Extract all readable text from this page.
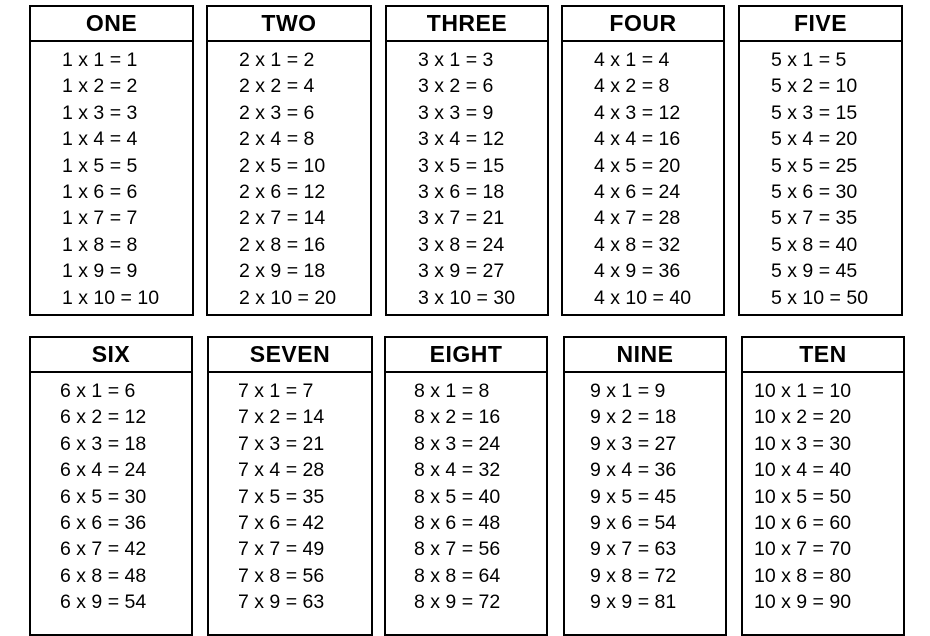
ONE
1 x 1 = 1
1 x 2 = 2
1 x 3 = 3
1 x 4 = 4
1 x 5 = 5
1 x 6 = 6
1 x 7 = 7
1 x 8 = 8
1 x 9 = 9
1 x 10 = 10
TWO
2 x 1 = 2
2 x 2 = 4
2 x 3 = 6
2 x 4 = 8
2 x 5 = 10
2 x 6 = 12
2 x 7 = 14
2 x 8 = 16
2 x 9 = 18
2 x 10 = 20
THREE
3 x 1 = 3
3 x 2 = 6
3 x 3 = 9
3 x 4 = 12
3 x 5 = 15
3 x 6 = 18
3 x 7 = 21
3 x 8 = 24
3 x 9 = 27
3 x 10 = 30
FOUR
4 x 1 = 4
4 x 2 = 8
4 x 3 = 12
4 x 4 = 16
4 x 5 = 20
4 x 6 = 24
4 x 7 = 28
4 x 8 = 32
4 x 9 = 36
4 x 10 = 40
FIVE
5 x 1 = 5
5 x 2 = 10
5 x 3 = 15
5 x 4 = 20
5 x 5 = 25
5 x 6 = 30
5 x 7 = 35
5 x 8 = 40
5 x 9 = 45
5 x 10 = 50
SIX
6 x 1 = 6
6 x 2 = 12
6 x 3 = 18
6 x 4 = 24
6 x 5 = 30
6 x 6 = 36
6 x 7 = 42
6 x 8 = 48
6 x 9 = 54
SEVEN
7 x 1 = 7
7 x 2 = 14
7 x 3 = 21
7 x 4 = 28
7 x 5 = 35
7 x 6 = 42
7 x 7 = 49
7 x 8 = 56
7 x 9 = 63
EIGHT
8 x 1 = 8
8 x 2 = 16
8 x 3 = 24
8 x 4 = 32
8 x 5 = 40
8 x 6 = 48
8 x 7 = 56
8 x 8 = 64
8 x 9 = 72
NINE
9 x 1 = 9
9 x 2 = 18
9 x 3 = 27
9 x 4 = 36
9 x 5 = 45
9 x 6 = 54
9 x 7 = 63
9 x 8 = 72
9 x 9 = 81
TEN
10 x 1 = 10
10 x 2 = 20
10 x 3 = 30
10 x 4 = 40
10 x 5 = 50
10 x 6 = 60
10 x 7 = 70
10 x 8 = 80
10 x 9 = 90
